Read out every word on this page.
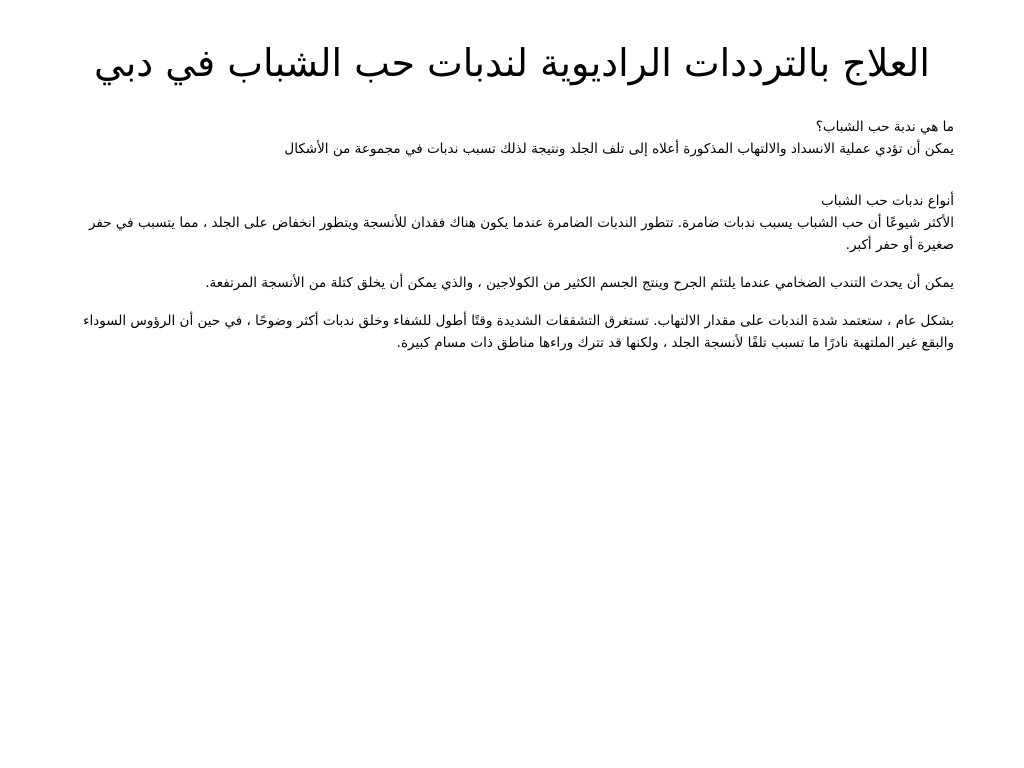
العلاج بالترددات الراديوية لندبات حب الشباب في دبي

ما هي ندبة حب الشباب؟

يمكن أن تؤدي عملية الانسداد والالتهاب المذكورة أعلاه إلى تلف الجلد ونتيجة لذلك تسبب ندبات في مجموعة من الأشكال

أنواع ندبات حب الشباب

الأكثر شيوعًا أن حب الشباب يسبب ندبات ضامرة. تتطور الندبات الضامرة عندما يكون هناك فقدان للأنسجة ويتطور انخفاض على الجلد ، مما يتسبب في حفر صغيرة أو حفر أكبر.

يمكن أن يحدث التندب الضخامي عندما يلتئم الجرح وينتج الجسم الكثير من الكولاجين ، والذي يمكن أن يخلق كتلة من الأنسجة المرتفعة.

بشكل عام ، ستعتمد شدة الندبات على مقدار الالتهاب. تستغرق التشققات الشديدة وقتًا أطول للشفاء وخلق ندبات أكثر وضوحًا ، في حين أن الرؤوس السوداء والبقع غير الملتهبة نادرًا ما تسبب تلفًا لأنسجة الجلد ، ولكنها قد تترك وراءها مناطق ذات مسام كبيرة.
